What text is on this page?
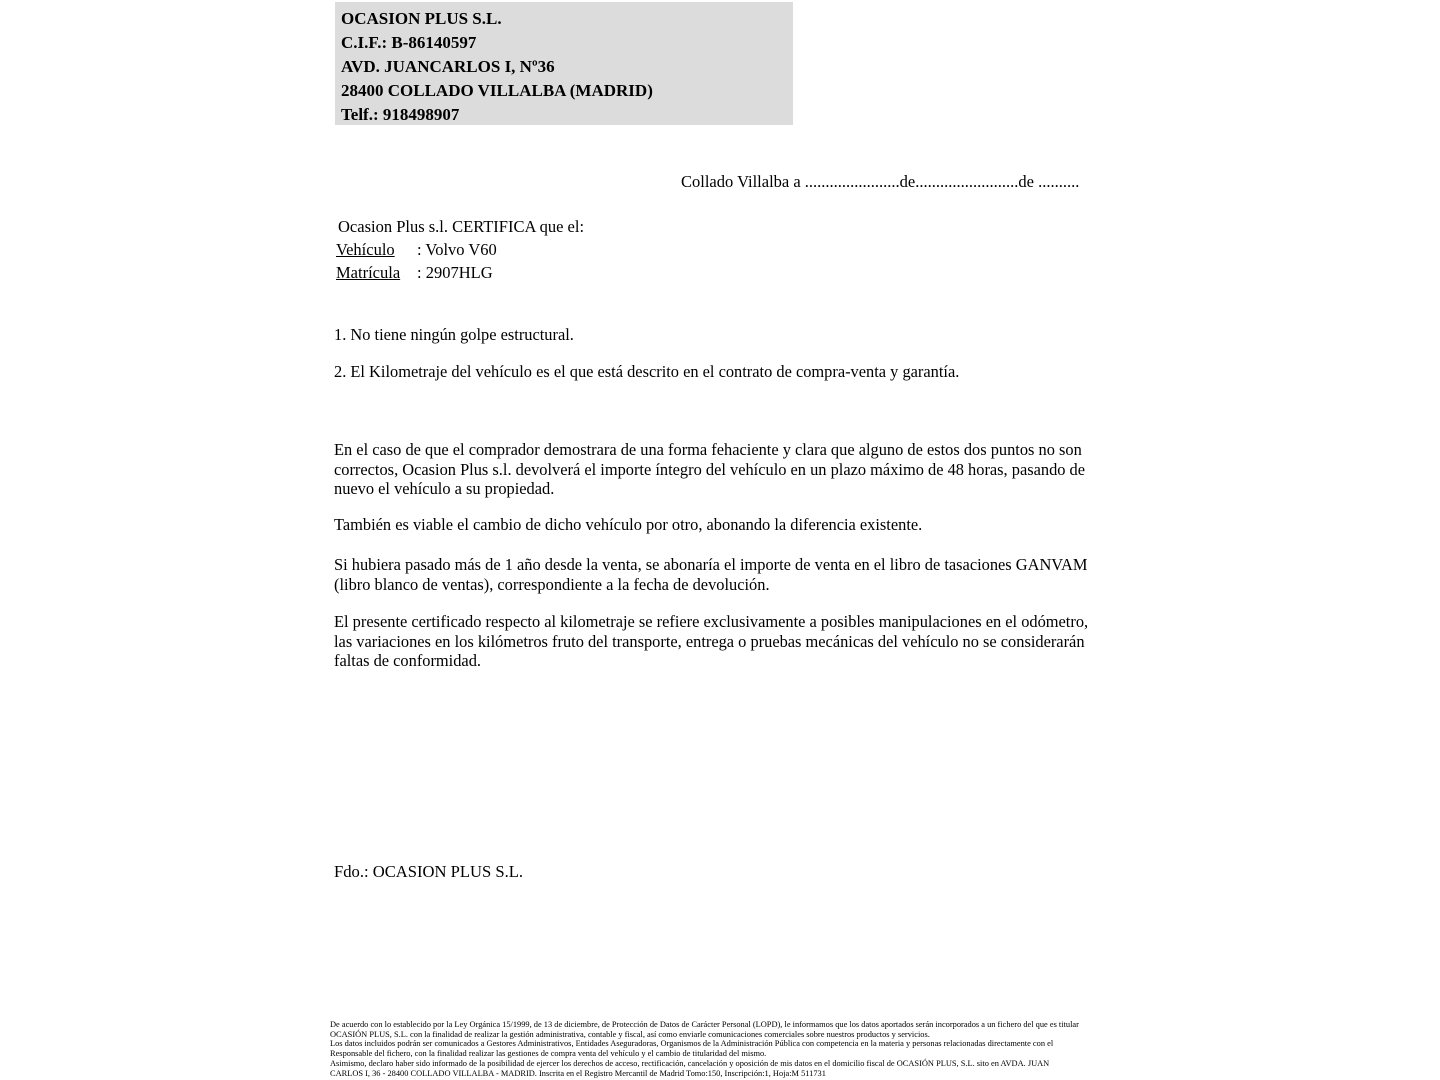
OCASION PLUS S.L.
C.I.F.: B-86140597
AVD. JUANCARLOS I, Nº36
28400 COLLADO VILLALBA (MADRID)
Telf.: 918498907
Collado Villalba a .......................de.........................de ..........
Ocasion Plus s.l. CERTIFICA que el:
Vehículo : Volvo V60
Matrícula : 2907HLG
1. No tiene ningún golpe estructural.
2. El Kilometraje del vehículo es el que está descrito en el contrato de compra-venta y garantía.
En el caso de que el comprador demostrara de una forma fehaciente y clara que alguno de estos dos puntos no son correctos, Ocasion Plus s.l. devolverá el importe íntegro del vehículo en un plazo máximo de 48 horas, pasando de nuevo el vehículo a su propiedad.
También es viable el cambio de dicho vehículo por otro, abonando la diferencia existente.
Si hubiera pasado más de 1 año desde la venta, se abonaría el importe de venta en el libro de tasaciones GANVAM (libro blanco de ventas), correspondiente a la fecha de devolución.
El presente certificado respecto al kilometraje se refiere exclusivamente a posibles manipulaciones en el odómetro, las variaciones en los kilómetros fruto del transporte, entrega o pruebas mecánicas del vehículo no se considerarán faltas de conformidad.
Fdo.: OCASION PLUS S.L.
De acuerdo con lo establecido por la Ley Orgánica 15/1999, de 13 de diciembre, de Protección de Datos de Carácter Personal (LOPD), le informamos que los datos aportados serán incorporados a un fichero del que es titular
OCASIÓN PLUS, S.L. con la finalidad de realizar la gestión administrativa, contable y fiscal, así como enviarle comunicaciones comerciales sobre nuestros productos y servicios.
Los datos incluidos podrán ser comunicados a Gestores Administrativos, Entidades Aseguradoras, Organismos de la Administración Pública con competencia en la materia y personas relacionadas directamente con el
Responsable del fichero, con la finalidad realizar las gestiones de compra venta del vehículo y el cambio de titularidad del mismo.
Asimismo, declaro haber sido informado de la posibilidad de ejercer los derechos de acceso, rectificación, cancelación y oposición de mis datos en el domicilio fiscal de OCASIÓN PLUS, S.L. sito en AVDA. JUAN
CARLOS I, 36 - 28400 COLLADO VILLALBA - MADRID. Inscrita en el Registro Mercantil de Madrid Tomo:150, Inscripción:1, Hoja:M 511731
